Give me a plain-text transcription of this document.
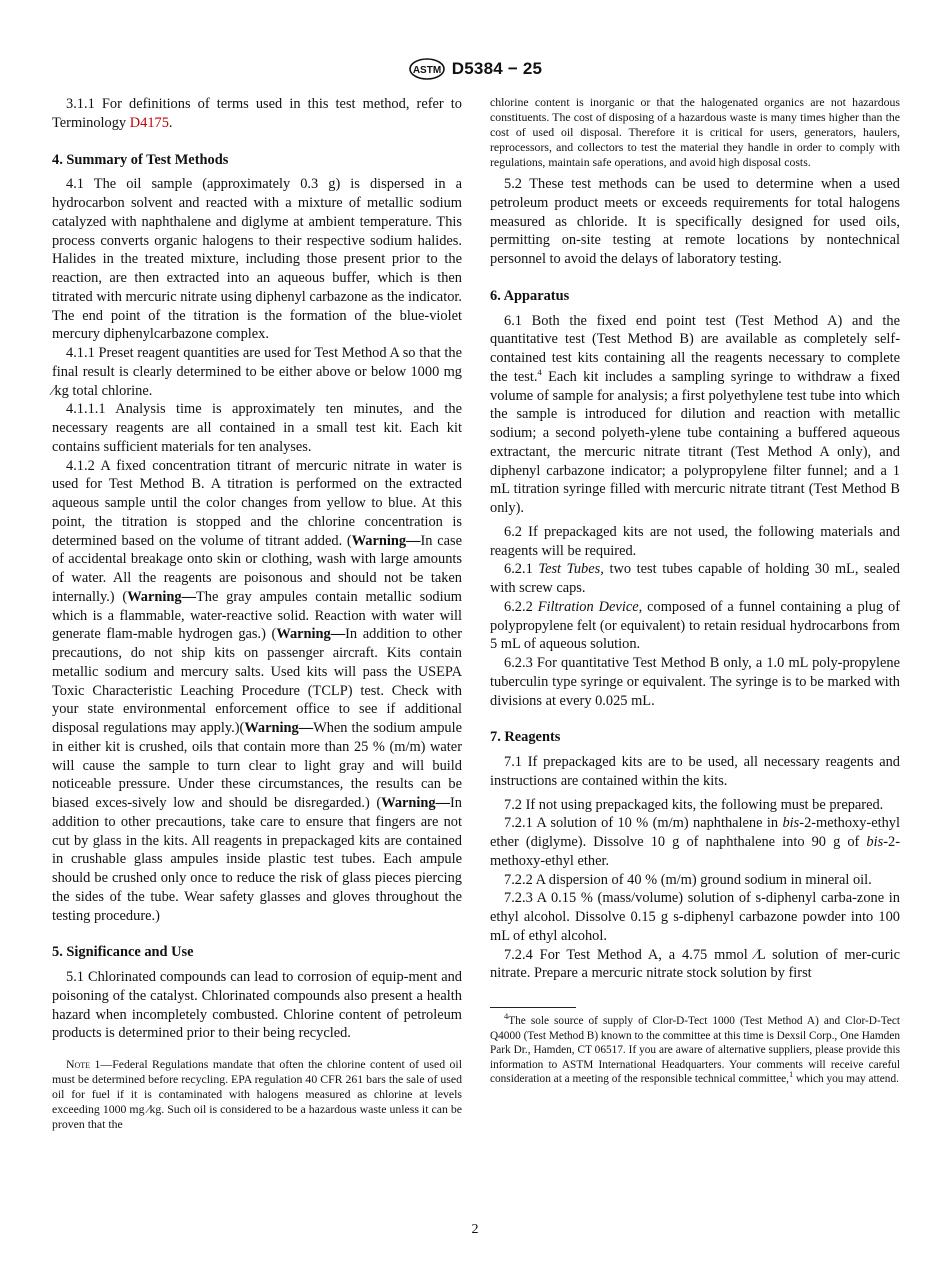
ASTM D5384 − 25

3.1.1 For definitions of terms used in this test method, refer to Terminology D4175.

4. Summary of Test Methods

4.1 The oil sample (approximately 0.3 g) is dispersed in a hydrocarbon solvent and reacted with a mixture of metallic sodium catalyzed with naphthalene and diglyme at ambient temperature. This process converts organic halogens to their respective sodium halides. Halides in the treated mixture, including those present prior to the reaction, are then extracted into an aqueous buffer, which is then titrated with mercuric nitrate using diphenyl carbazone as the indicator. The end point of the titration is the formation of the blue-violet mercury diphenylcarbazone complex.

4.1.1 Preset reagent quantities are used for Test Method A so that the final result is clearly determined to be either above or below 1000 mg ⁄kg total chlorine.

4.1.1.1 Analysis time is approximately ten minutes, and the necessary reagents are all contained in a small test kit. Each kit contains sufficient materials for ten analyses.

4.1.2 A fixed concentration titrant of mercuric nitrate in water is used for Test Method B. A titration is performed on the extracted aqueous sample until the color changes from yellow to blue. At this point, the titration is stopped and the chlorine concentration is determined based on the volume of titrant added. (Warning—In case of accidental breakage onto skin or clothing, wash with large amounts of water. All the reagents are poisonous and should not be taken internally.) (Warning—The gray ampules contain metallic sodium which is a flammable, water-reactive solid. Reaction with water will generate flam-mable hydrogen gas.) (Warning—In addition to other precautions, do not ship kits on passenger aircraft. Kits contain metallic sodium and mercury salts. Used kits will pass the USEPA Toxic Characteristic Leaching Procedure (TCLP) test. Check with your state environmental enforcement office to see if additional disposal regulations may apply.)(Warning—When the sodium ampule in either kit is crushed, oils that contain more than 25 % (m/m) water will cause the sample to turn clear to light gray and will build noticeable pressure. Under these circumstances, the results can be biased exces-sively low and should be disregarded.) (Warning—In addition to other precautions, take care to ensure that fingers are not cut by glass in the kits. All reagents in prepackaged kits are contained in crushable glass ampules inside plastic test tubes. Each ampule should be crushed only once to reduce the risk of glass pieces piercing the sides of the tube. Wear safety glasses and gloves throughout the testing procedure.)

5. Significance and Use

5.1 Chlorinated compounds can lead to corrosion of equip-ment and poisoning of the catalyst. Chlorinated compounds also present a health hazard when incompletely combusted. Chlorine content of petroleum products is determined prior to their being recycled.

Note 1—Federal Regulations mandate that often the chlorine content of used oil must be determined before recycling. EPA regulation 40 CFR 261 bars the sale of used oil for fuel if it is contaminated with halogens measured as chlorine at levels exceeding 1000 mg ⁄kg. Such oil is considered to be a hazardous waste unless it can be proven that the

chlorine content is inorganic or that the halogenated organics are not hazardous constituents. The cost of disposing of a hazardous waste is many times higher than the cost of used oil disposal. Therefore it is critical for users, generators, haulers, reprocessors, and collectors to test the material they handle in order to comply with regulations, maintain safe operations, and avoid high disposal costs.

5.2 These test methods can be used to determine when a used petroleum product meets or exceeds requirements for total halogens measured as chloride. It is specifically designed for used oils, permitting on-site testing at remote locations by nontechnical personnel to avoid the delays of laboratory testing.

6. Apparatus

6.1 Both the fixed end point test (Test Method A) and the quantitative test (Test Method B) are available as completely self-contained test kits containing all the reagents necessary to complete the test.$^4$ Each kit includes a sampling syringe to withdraw a fixed volume of sample for analysis; a first polyethylene test tube into which the sample is introduced for dilution and reaction with metallic sodium; a second polyeth-ylene tube containing a buffered aqueous extractant, the mercuric nitrate titrant (Test Method A only), and diphenyl carbazone indicator; a polypropylene filter funnel; and a 1 mL titration syringe filled with mercuric nitrate titrant (Test Method B only).

6.2 If prepackaged kits are not used, the following materials and reagents will be required.

6.2.1 Test Tubes, two test tubes capable of holding 30 mL, sealed with screw caps.

6.2.2 Filtration Device, composed of a funnel containing a plug of polypropylene felt (or equivalent) to retain residual hydrocarbons from 5 mL of aqueous solution.

6.2.3 For quantitative Test Method B only, a 1.0 mL poly-propylene tuberculin type syringe or equivalent. The syringe is to be marked with divisions at every 0.025 mL.

7. Reagents

7.1 If prepackaged kits are to be used, all necessary reagents and instructions are contained within the kits.

7.2 If not using prepackaged kits, the following must be prepared.

7.2.1 A solution of 10 % (m/m) naphthalene in bis-2-methoxy-ethyl ether (diglyme). Dissolve 10 g of naphthalene into 90 g of bis-2-methoxy-ethyl ether.

7.2.2 A dispersion of 40 % (m/m) ground sodium in mineral oil.

7.2.3 A 0.15 % (mass/volume) solution of s-diphenyl carba-zone in ethyl alcohol. Dissolve 0.15 g s-diphenyl carbazone powder into 100 mL of ethyl alcohol.

7.2.4 For Test Method A, a 4.75 mmol ⁄L solution of mer-curic nitrate. Prepare a mercuric nitrate stock solution by first

$^4$The sole source of supply of Clor-D-Tect 1000 (Test Method A) and Clor-D-Tect Q4000 (Test Method B) known to the committee at this time is Dexsil Corp., One Hamden Park Dr., Hamden, CT 06517. If you are aware of alternative suppliers, please provide this information to ASTM International Headquarters. Your comments will receive careful consideration at a meeting of the responsible technical committee,$^1$ which you may attend.

2
